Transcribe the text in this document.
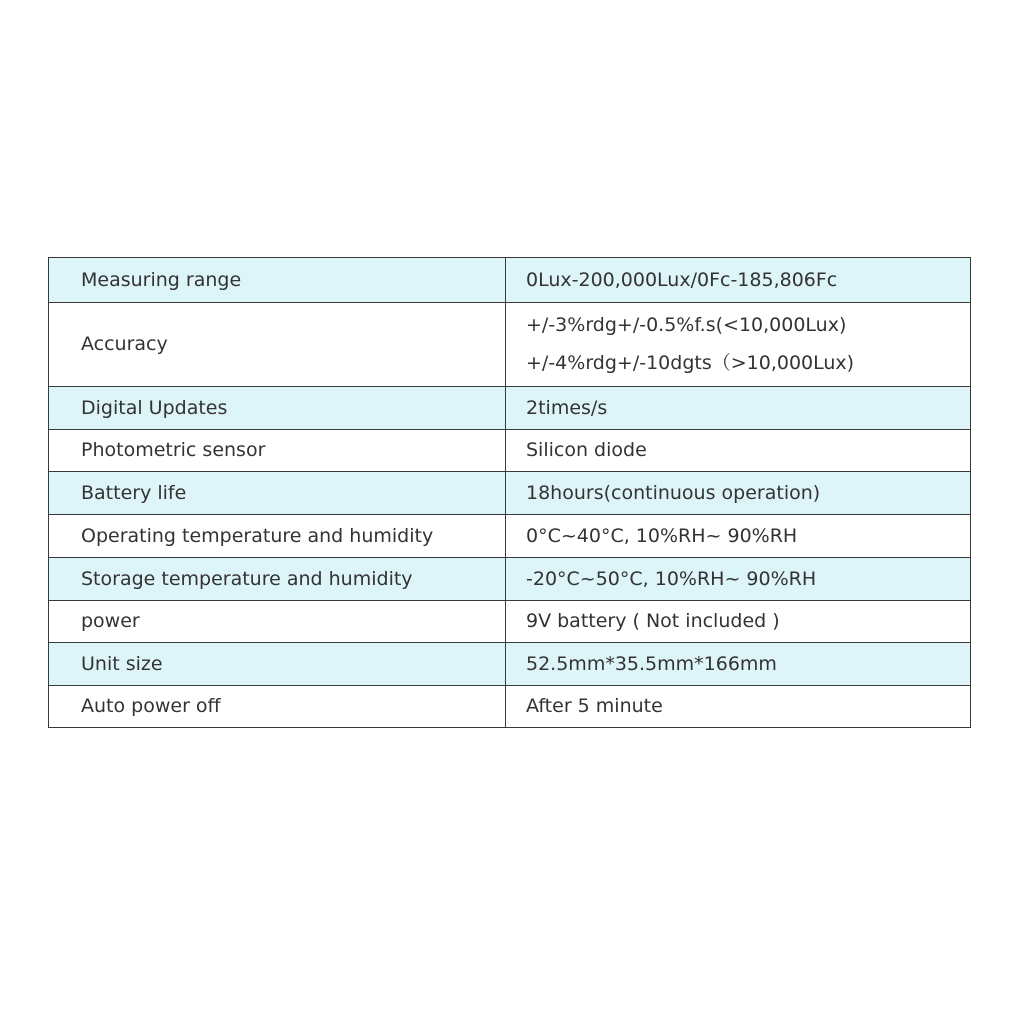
Measuring range	0Lux-200,000Lux/0Fc-185,806Fc
Accuracy	+/-3%rdg+/-0.5%f.s(<10,000Lux)
+/-4%rdg+/-10dgts（>10,000Lux)

Digital Updates	2times/s
Photometric sensor	Silicon diode
Battery life	18hours(continuous operation)
Operating temperature and humidity	0°C~40°C, 10%RH~ 90%RH
Storage temperature and humidity	-20°C~50°C, 10%RH~ 90%RH
power	9V battery ( Not included )
Unit size	52.5mm*35.5mm*166mm
Auto power off	After 5 minute
